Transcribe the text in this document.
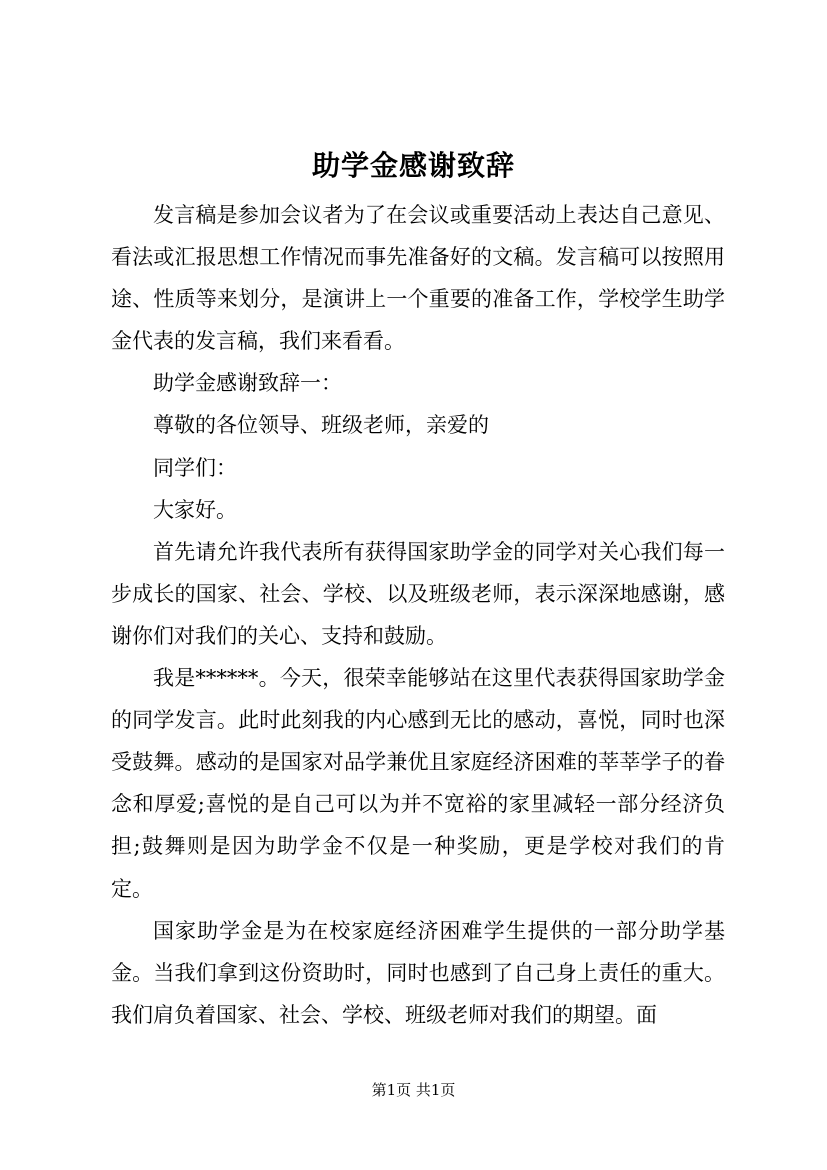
助学金感谢致辞

发言稿是参加会议者为了在会议或重要活动上表达自己意见、看法或汇报思想工作情况而事先准备好的文稿。发言稿可以按照用途、性质等来划分，是演讲上一个重要的准备工作，学校学生助学金代表的发言稿，我们来看看。

助学金感谢致辞一：

尊敬的各位领导、班级老师，亲爱的

同学们：

大家好。

首先请允许我代表所有获得国家助学金的同学对关心我们每一步成长的国家、社会、学校、以及班级老师，表示深深地感谢，感谢你们对我们的关心、支持和鼓励。

我是******。今天，很荣幸能够站在这里代表获得国家助学金的同学发言。此时此刻我的内心感到无比的感动，喜悦，同时也深受鼓舞。感动的是国家对品学兼优且家庭经济困难的莘莘学子的眷念和厚爱;喜悦的是自己可以为并不宽裕的家里减轻一部分经济负担;鼓舞则是因为助学金不仅是一种奖励，更是学校对我们的肯定。

国家助学金是为在校家庭经济困难学生提供的一部分助学基金。当我们拿到这份资助时，同时也感到了自己身上责任的重大。我们肩负着国家、社会、学校、班级老师对我们的期望。面

第1页 共1页
